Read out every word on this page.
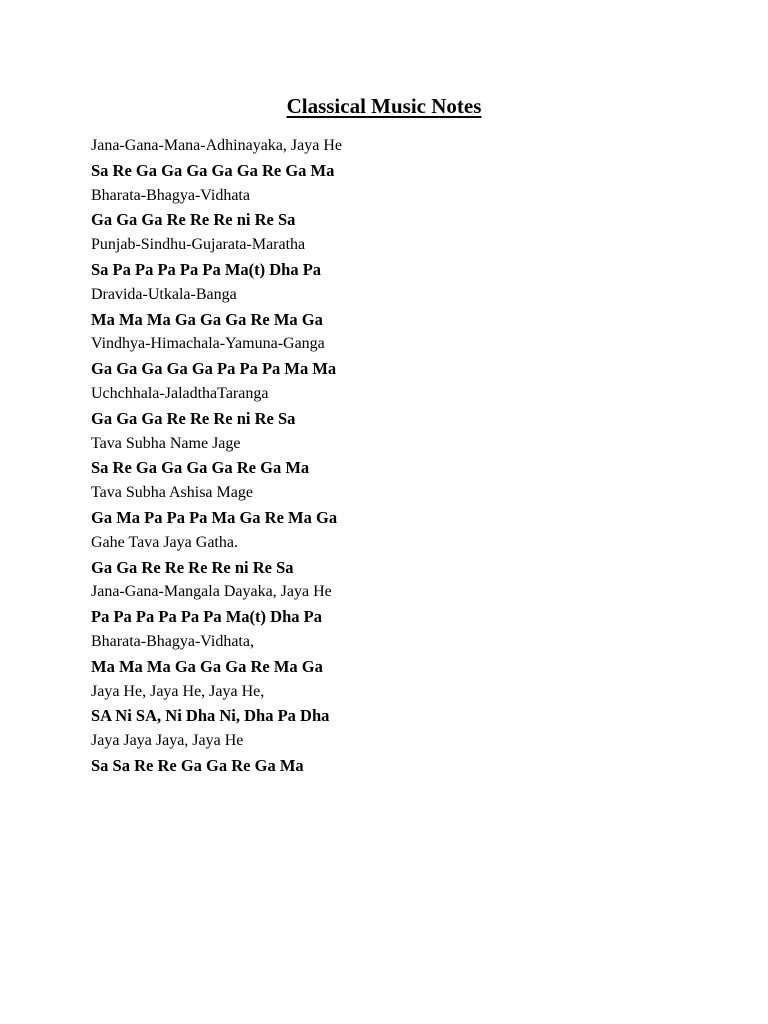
Classical Music Notes
Jana-Gana-Mana-Adhinayaka, Jaya He
Sa Re Ga Ga Ga Ga Ga Re Ga Ma
Bharata-Bhagya-Vidhata
Ga Ga Ga Re Re Re ni Re Sa
Punjab-Sindhu-Gujarata-Maratha
Sa Pa Pa Pa Pa Pa Ma(t) Dha Pa
Dravida-Utkala-Banga
Ma Ma Ma Ga Ga Ga Re Ma Ga
Vindhya-Himachala-Yamuna-Ganga
Ga Ga Ga Ga Ga Pa Pa Pa Ma Ma
Uchchhala-JaladthaTaranga
Ga Ga Ga Re Re Re ni Re Sa
Tava Subha Name Jage
Sa Re Ga Ga Ga Ga Re Ga Ma
Tava Subha Ashisa Mage
Ga Ma Pa Pa Pa Ma Ga Re Ma Ga
Gahe Tava Jaya Gatha.
Ga Ga Re Re Re Re ni Re Sa
Jana-Gana-Mangala Dayaka, Jaya He
Pa Pa Pa Pa Pa Pa Ma(t) Dha Pa
Bharata-Bhagya-Vidhata,
Ma Ma Ma Ga Ga Ga Re Ma Ga
Jaya He, Jaya He, Jaya He,
SA Ni SA, Ni Dha Ni, Dha Pa Dha
Jaya Jaya Jaya, Jaya He
Sa Sa Re Re Ga Ga Re Ga Ma
